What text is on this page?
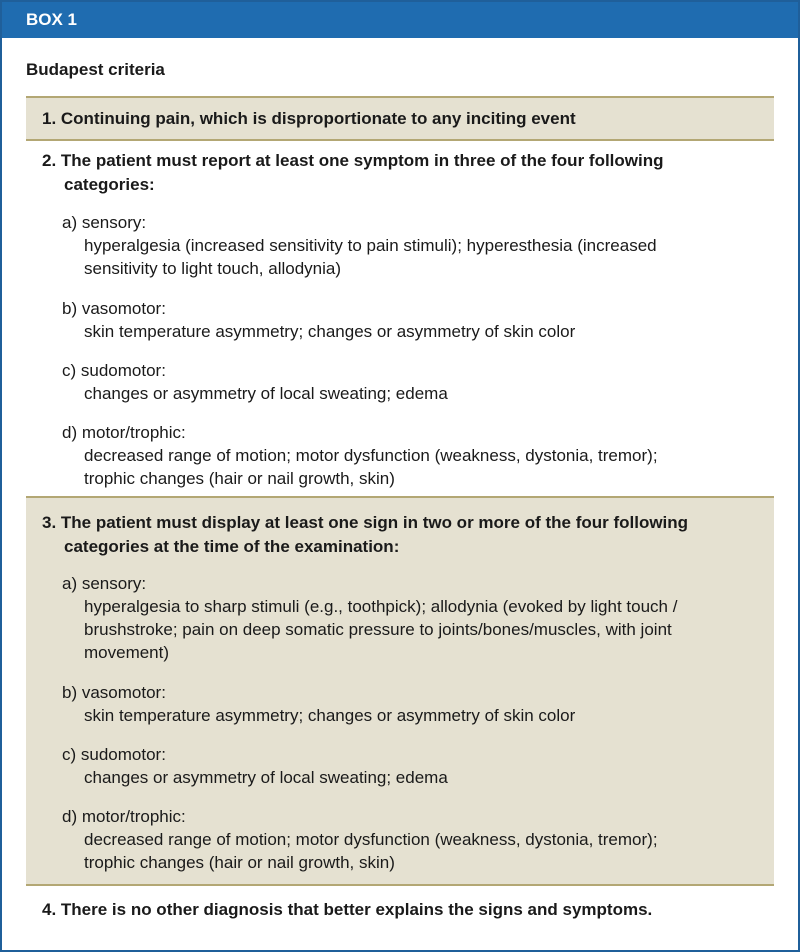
BOX 1
Budapest criteria
1. Continuing pain, which is disproportionate to any inciting event
2. The patient must report at least one symptom in three of the four following
categories:
a) sensory:
hyperalgesia (increased sensitivity to pain stimuli); hyperesthesia (increased
sensitivity to light touch, allodynia)
b) vasomotor:
skin temperature asymmetry; changes or asymmetry of skin color
c) sudomotor:
changes or asymmetry of local sweating; edema
d) motor/trophic:
decreased range of motion; motor dysfunction (weakness, dystonia, tremor);
trophic changes (hair or nail growth, skin)
3. The patient must display at least one sign in two or more of the four following
categories at the time of the examination:
a) sensory:
hyperalgesia to sharp stimuli (e.g., toothpick); allodynia (evoked by light touch /
brushstroke; pain on deep somatic pressure to joints/bones/muscles, with joint
movement)
b) vasomotor:
skin temperature asymmetry; changes or asymmetry of skin color
c) sudomotor:
changes or asymmetry of local sweating; edema
d) motor/trophic:
decreased range of motion; motor dysfunction (weakness, dystonia, tremor);
trophic changes (hair or nail growth, skin)
4. There is no other diagnosis that better explains the signs and symptoms.
